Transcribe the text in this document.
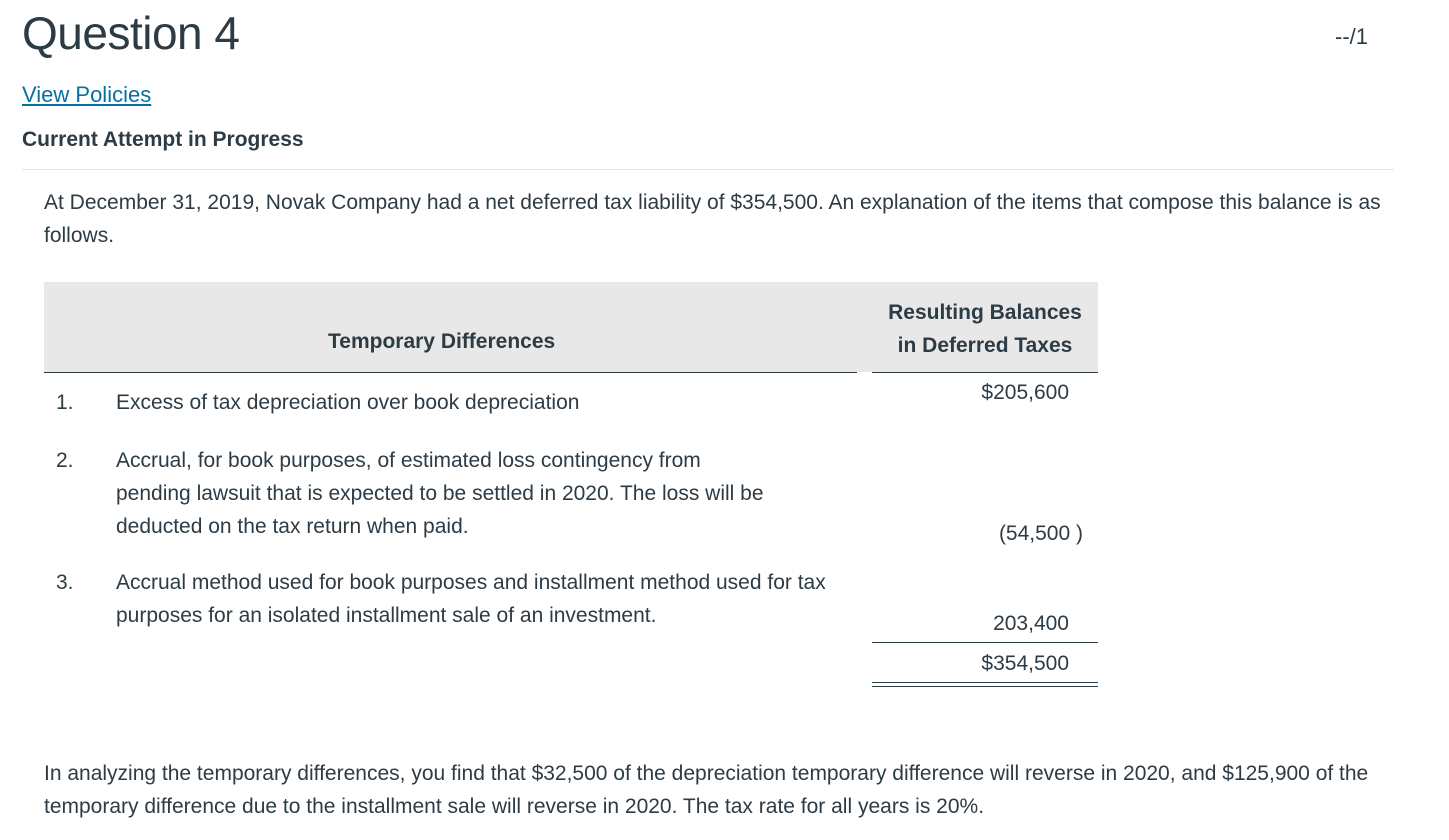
Question 4	--/1
View Policies
Current Attempt in Progress
At December 31, 2019, Novak Company had a net deferred tax liability of $354,500. An explanation of the items that compose this balance is as follows.
Temporary Differences
Resulting Balances
in Deferred Taxes
1. Excess of tax depreciation over book depreciation	$205,600
2. Accrual, for book purposes, of estimated loss contingency from pending lawsuit that is expected to be settled in 2020. The loss will be deducted on the tax return when paid.	(54,500 )
3. Accrual method used for book purposes and installment method used for tax purposes for an isolated installment sale of an investment.	203,400
$354,500
In analyzing the temporary differences, you find that $32,500 of the depreciation temporary difference will reverse in 2020, and $125,900 of the temporary difference due to the installment sale will reverse in 2020. The tax rate for all years is 20%.
